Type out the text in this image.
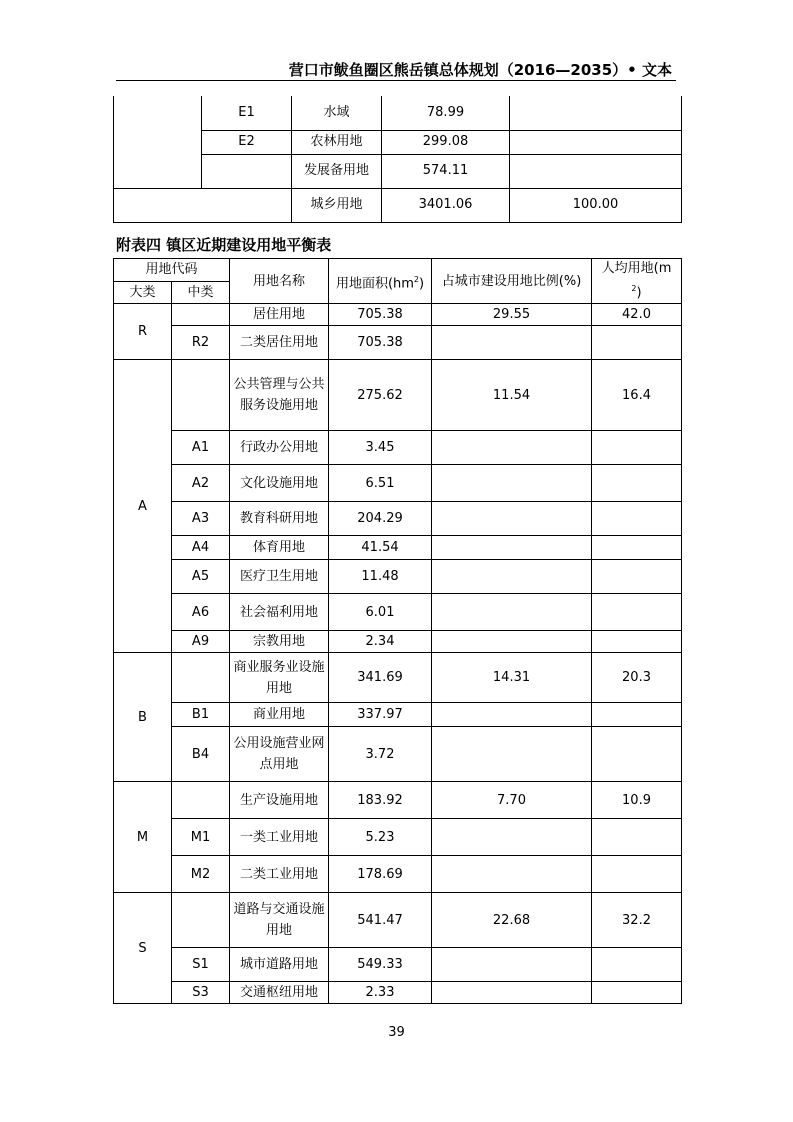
营口市鲅鱼圈区熊岳镇总体规划（2016—2035）• 文本
	E1	水域	78.99	
	E2	农林用地	299.08	
		发展备用地	574.11	
		城乡用地	3401.06	100.00
附表四 镇区近期建设用地平衡表
用地代码		用地名称	用地面积$(hm^2)$	占城市建设用地比例(%)	人均用地(m
$^2$)
大类	中类				
R		居住用地	705.38	29.55	42.0
	R2	二类居住用地	705.38		
A		公共管理与公共服务设施用地	275.62	11.54	16.4
	A1	行政办公用地	3.45		
	A2	文化设施用地	6.51		
	A3	教育科研用地	204.29		
	A4	体育用地	41.54		
	A5	医疗卫生用地	11.48		
	A6	社会福利用地	6.01		
	A9	宗教用地	2.34		
B		商业服务业设施用地	341.69	14.31	20.3
	B1	商业用地	337.97		
	B4	公用设施营业网点用地	3.72		
M		生产设施用地	183.92	7.70	10.9
	M1	一类工业用地	5.23		
	M2	二类工业用地	178.69		
S		道路与交通设施用地	541.47	22.68	32.2
	S1	城市道路用地	549.33		
	S3	交通枢纽用地	2.33		
39
